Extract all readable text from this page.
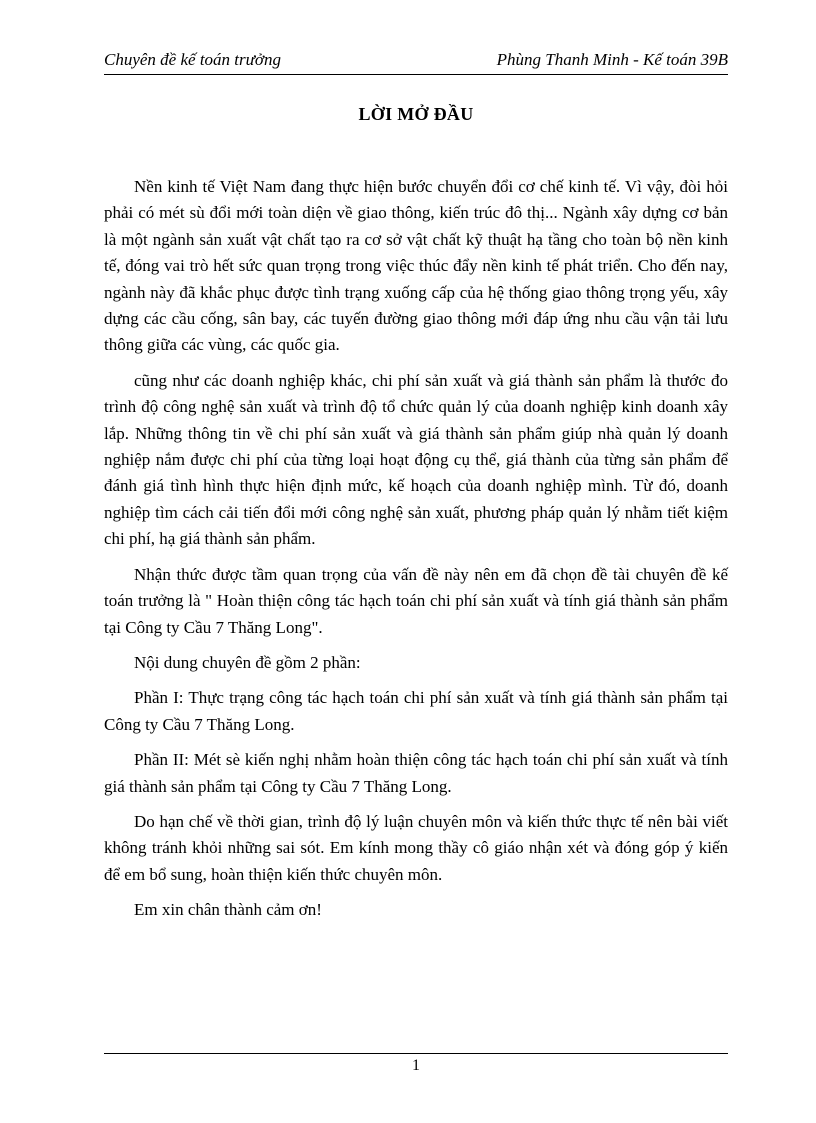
Chuyên đề kế toán trưởng	Phùng Thanh Minh - Kế toán 39B
LỜI MỞ ĐẦU

Nền kinh tế Việt Nam đang thực hiện bước chuyển đổi cơ chế kinh tế. Vì vậy, đòi hỏi phải có mét sù đổi mới toàn diện về giao thông, kiến trúc đô thị... Ngành xây dựng cơ bản là một ngành sản xuất vật chất tạo ra cơ sở vật chất kỹ thuật hạ tầng cho toàn bộ nền kinh tế, đóng vai trò hết sức quan trọng trong việc thúc đẩy nền kinh tế phát triển. Cho đến nay, ngành này đã khắc phục được tình trạng xuống cấp của hệ thống giao thông trọng yếu, xây dựng các cầu cống, sân bay, các tuyến đường giao thông mới đáp ứng nhu cầu vận tải lưu thông giữa các vùng, các quốc gia.

cũng như các doanh nghiệp khác, chi phí sản xuất và giá thành sản phẩm là thước đo trình độ công nghệ sản xuất và trình độ tổ chức quản lý của doanh nghiệp kinh doanh xây lắp. Những thông tin về chi phí sản xuất và giá thành sản phẩm giúp nhà quản lý doanh nghiệp nắm được chi phí của từng loại hoạt động cụ thể, giá thành của từng sản phẩm để đánh giá tình hình thực hiện định mức, kế hoạch của doanh nghiệp mình. Từ đó, doanh nghiệp tìm cách cải tiến đổi mới công nghệ sản xuất, phương pháp quản lý nhằm tiết kiệm chi phí, hạ giá thành sản phẩm.

Nhận thức được tầm quan trọng của vấn đề này nên em đã chọn đề tài chuyên đề kế toán trưởng là " Hoàn thiện công tác hạch toán chi phí sản xuất và tính giá thành sản phẩm tại Công ty Cầu 7 Thăng Long".

Nội dung chuyên đề gồm 2 phần:

Phần I: Thực trạng công tác hạch toán chi phí sản xuất và tính giá thành sản phẩm tại Công ty Cầu 7 Thăng Long.

Phần II: Mét sè kiến nghị nhằm hoàn thiện công tác hạch toán chi phí sản xuất và tính giá thành sản phẩm tại Công ty Cầu 7 Thăng Long.

Do hạn chế về thời gian, trình độ lý luận chuyên môn và kiến thức thực tế nên bài viết không tránh khỏi những sai sót. Em kính mong thầy cô giáo nhận xét và đóng góp ý kiến để em bổ sung, hoàn thiện kiến thức chuyên môn.

Em xin chân thành cảm ơn!

1
